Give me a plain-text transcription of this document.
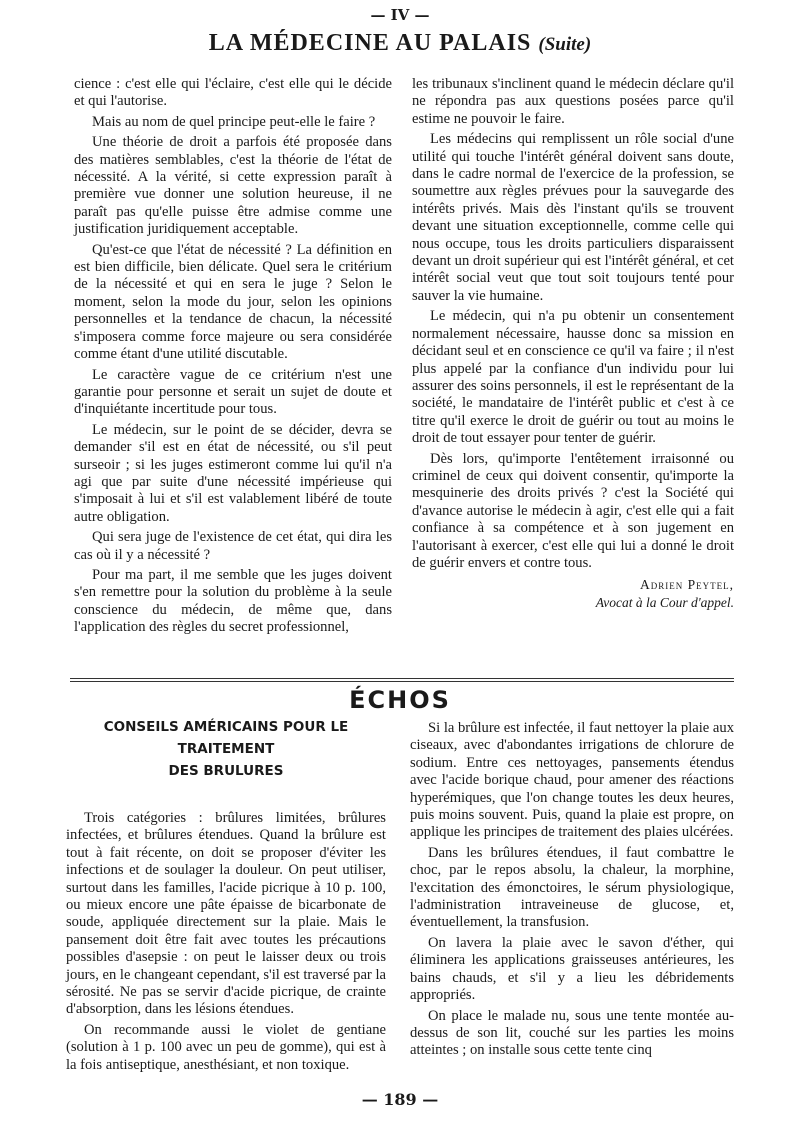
— IV —
LA MÉDECINE AU PALAIS (Suite)

cience : c'est elle qui l'éclaire, c'est elle qui le décide et qui l'autorise.

Mais au nom de quel principe peut-elle le faire ?

Une théorie de droit a parfois été proposée dans des matières semblables, c'est la théorie de l'état de nécessité. A la vérité, si cette expression paraît à première vue donner une solution heureuse, il ne paraît pas qu'elle puisse être admise comme une justification juridiquement acceptable.

Qu'est-ce que l'état de nécessité ? La définition en est bien difficile, bien délicate. Quel sera le critérium de la nécessité et qui en sera le juge ? Selon le moment, selon la mode du jour, selon les opinions personnelles et la tendance de chacun, la nécessité s'imposera comme force majeure ou sera considérée comme étant d'une utilité discutable.

Le caractère vague de ce critérium n'est une garantie pour personne et serait un sujet de doute et d'inquiétante incertitude pour tous.

Le médecin, sur le point de se décider, devra se demander s'il est en état de nécessité, ou s'il peut surseoir ; si les juges estimeront comme lui qu'il n'a agi que par suite d'une nécessité impérieuse qui s'imposait à lui et s'il est valablement libéré de toute autre obligation.

Qui sera juge de l'existence de cet état, qui dira les cas où il y a nécessité ?

Pour ma part, il me semble que les juges doivent s'en remettre pour la solution du problème à la seule conscience du médecin, de même que, dans l'application des règles du secret professionnel,

les tribunaux s'inclinent quand le médecin déclare qu'il ne répondra pas aux questions posées parce qu'il estime ne pouvoir le faire.

Les médecins qui remplissent un rôle social d'une utilité qui touche l'intérêt général doivent sans doute, dans le cadre normal de l'exercice de la profession, se soumettre aux règles prévues pour la sauvegarde des intérêts privés. Mais dès l'instant qu'ils se trouvent devant une situation exceptionnelle, comme celle qui nous occupe, tous les droits particuliers disparaissent devant un droit supérieur qui est l'intérêt général, et cet intérêt social veut que tout soit toujours tenté pour sauver la vie humaine.

Le médecin, qui n'a pu obtenir un consentement normalement nécessaire, hausse donc sa mission en décidant seul et en conscience ce qu'il va faire ; il n'est plus appelé par la confiance d'un individu pour lui assurer des soins personnels, il est le représentant de la société, le mandataire de l'intérêt public et c'est à ce titre qu'il exerce le droit de guérir ou tout au moins le droit de tout essayer pour tenter de guérir.

Dès lors, qu'importe l'entêtement irraisonné ou criminel de ceux qui doivent consentir, qu'importe la mesquinerie des droits privés ? c'est la Société qui d'avance autorise le médecin à agir, c'est elle qui a fait confiance à sa compétence et à son jugement en l'autorisant à exercer, c'est elle qui lui a donné le droit de guérir envers et contre tous.

Adrien Peytel,
Avocat à la Cour d'appel.
ÉCHOS
CONSEILS AMÉRICAINS POUR LE TRAITEMENT
DES BRULURES

Trois catégories : brûlures limitées, brûlures infectées, et brûlures étendues. Quand la brûlure est tout à fait récente, on doit se proposer d'éviter les infections et de soulager la douleur. On peut utiliser, surtout dans les familles, l'acide picrique à 10 p. 100, ou mieux encore une pâte épaisse de bicarbonate de soude, appliquée directement sur la plaie. Mais le pansement doit être fait avec toutes les précautions possibles d'asepsie : on peut le laisser deux ou trois jours, en le changeant cependant, s'il est traversé par la sérosité. Ne pas se servir d'acide picrique, de crainte d'absorption, dans les lésions étendues.

On recommande aussi le violet de gentiane (solution à 1 p. 100 avec un peu de gomme), qui est à la fois antiseptique, anesthésiant, et non toxique.

Si la brûlure est infectée, il faut nettoyer la plaie aux ciseaux, avec d'abondantes irrigations de chlorure de sodium. Entre ces nettoyages, pansements étendus avec l'acide borique chaud, pour amener des réactions hyperémiques, que l'on change toutes les deux heures, puis moins souvent. Puis, quand la plaie est propre, on applique les principes de traitement des plaies ulcérées.

Dans les brûlures étendues, il faut combattre le choc, par le repos absolu, la chaleur, la morphine, l'excitation des émonctoires, le sérum physiologique, l'administration intraveineuse de glucose, et, éventuellement, la transfusion.

On lavera la plaie avec le savon d'éther, qui éliminera les applications graisseuses antérieures, les bains chauds, et s'il y a lieu les débridements appropriés.

On place le malade nu, sous une tente montée au-dessus de son lit, couché sur les parties les moins atteintes ; on installe sous cette tente cinq

— 189 —
